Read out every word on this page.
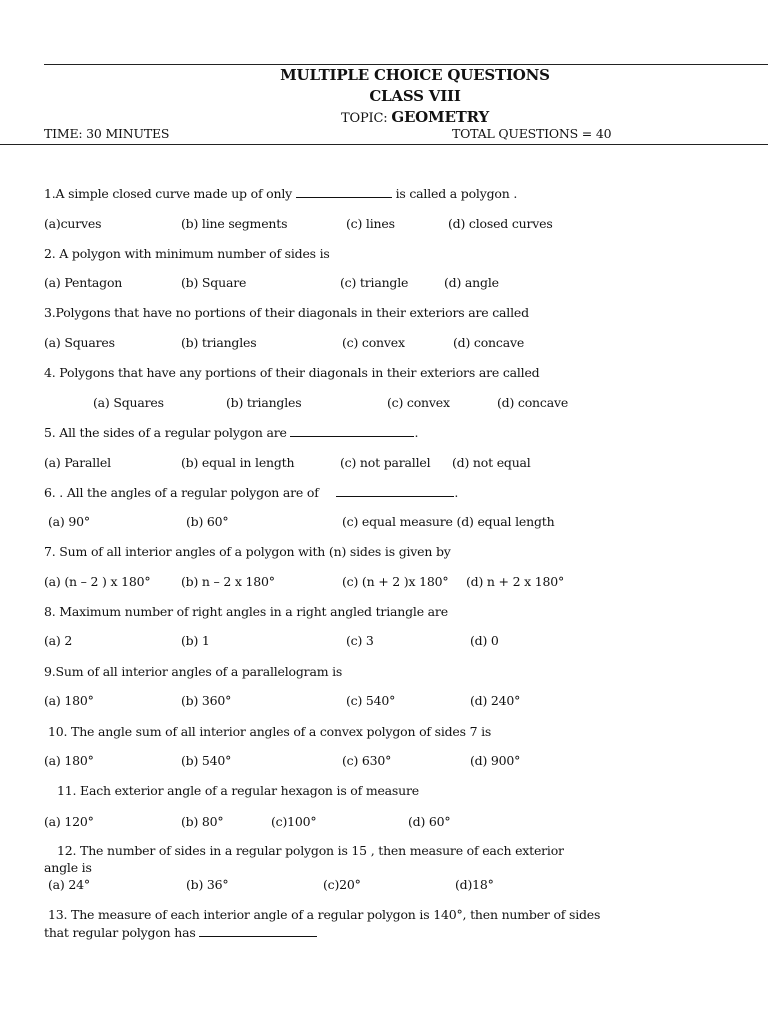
MULTIPLE CHOICE QUESTIONS
CLASS VIII
TOPIC: GEOMETRY
TIME: 30 MINUTES	TOTAL QUESTIONS = 40
1.A simple closed curve made up of only	is called a polygon .
(a)curves	(b) line segments	(c) lines	(d) closed curves
2. A polygon with minimum number of sides is
(a) Pentagon	(b) Square	(c) triangle	(d) angle
3.Polygons that have no portions of their diagonals in their exteriors are called
(a) Squares	(b) triangles	(c) convex	(d) concave
4. Polygons that have any portions of their diagonals in their exteriors are called
(a) Squares	(b) triangles	(c) convex	(d) concave
5. All the sides of a regular polygon are	.
(a) Parallel	(b) equal in length	(c) not parallel (d) not equal
6. . All the angles of a regular polygon are of	.
(a) 90°	(b) 60°	(c) equal measure (d) equal length
7. Sum of all interior angles of a polygon with (n) sides is given by
(a) (n – 2 ) x 180° (b) n – 2 x 180°	(c) (n + 2 )x 180° (d) n + 2 x 180°
8. Maximum number of right angles in a right angled triangle are
(a) 2	(b) 1	(c) 3	(d) 0
9.Sum of all interior angles of a parallelogram is
(a) 180°	(b) 360°	(c) 540°	(d) 240°
10. The angle sum of all interior angles of a convex polygon of sides 7 is
(a) 180°	(b) 540°	(c) 630°	(d) 900°
11. Each exterior angle of a regular hexagon is of measure
(a) 120°	(b) 80°	(c)100°	(d) 60°
12. The number of sides in a regular polygon is 15 , then measure of each exterior
angle is
(a) 24°	(b) 36°	(c)20°	(d)18°
13. The measure of each interior angle of a regular polygon is 140°, then number of sides
that regular polygon has
